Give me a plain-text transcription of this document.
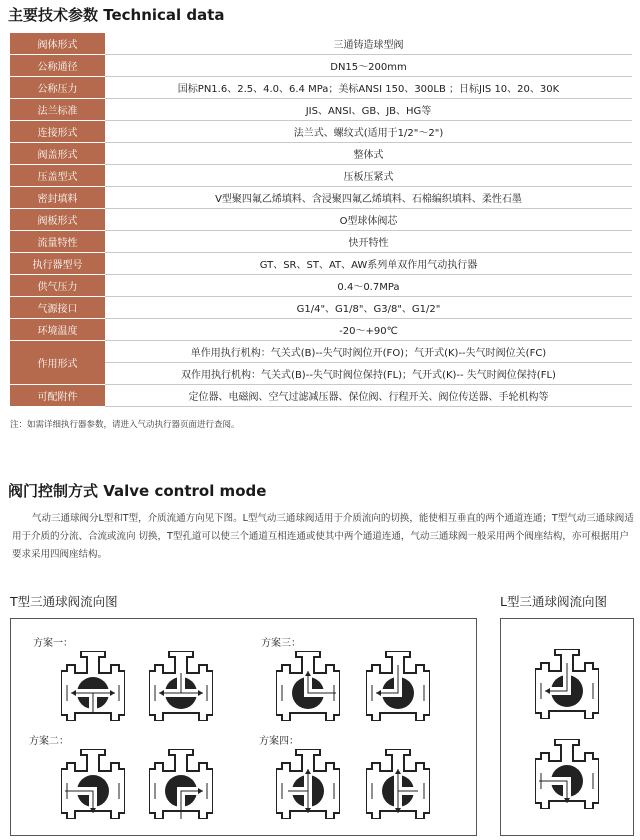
主要技术参数 Technical data
阀体形式	三通铸造球型阀
公称通径	DN15～200mm
公称压力	国标PN1.6、2.5、4.0、6.4 MPa；美标ANSI 150、300LB ；日标JIS 10、20、30K
法兰标准	JIS、ANSI、GB、JB、HG等
连接形式	法兰式、螺纹式(适用于1/2"～2")
阀盖形式	整体式
压盖型式	压板压紧式
密封填料	V型聚四氟乙烯填料、含浸聚四氟乙烯填料、石棉编织填料、柔性石墨
阀板形式	O型球体阀芯
流量特性	快开特性
执行器型号	GT、SR、ST、AT、AW系列单双作用气动执行器
供气压力	0.4～0.7MPa
气源接口	G1/4"、G1/8"、G3/8"、G1/2"
环境温度	-20～+90℃
作用形式	单作用执行机构：气关式(B)--失气时阀位开(FO)；气开式(K)--失气时阀位关(FC)
	双作用执行机构：气关式(B)--失气时阀位保持(FL)；气开式(K)-- 失气时阀位保持(FL)
可配附件	定位器、电磁阀、空气过滤减压器、保位阀、行程开关、阀位传送器、手轮机构等
注：如需详细执行器参数，请进入气动执行器页面进行查阅。
阀门控制方式 Valve control mode

气动三通球阀分L型和T型，介质流通方向见下图。L型气动三通球阀适用于介质流向的切换，能使相互垂直的两个通道连通；T型气动三通球阀适用于介质的分流、合流或流向 切换，T型孔道可以使三个通道互相连通或使其中两个通道连通，气动三通球阀一般采用两个阀座结构，亦可根据用户要求采用四阀座结构。

T型三通球阀流向图	L型三通球阀流向图
方案一：	方案三：
方案二：	方案四：
